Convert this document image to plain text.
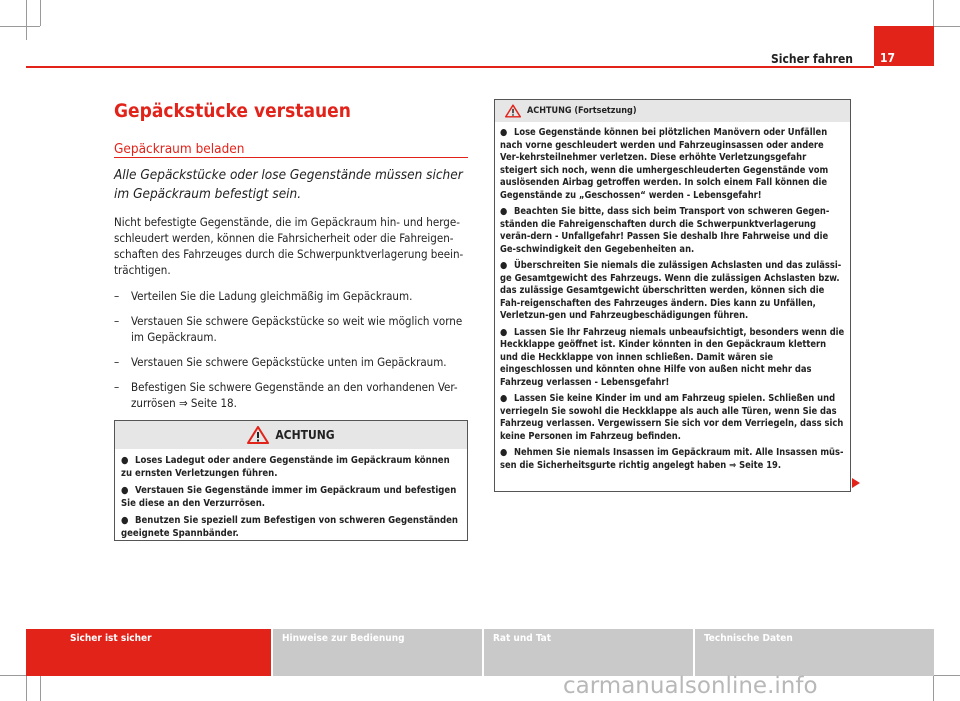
Sicher fahren	17
Gepäckstücke verstauen
Gepäckraum beladen
Alle Gepäckstücke oder lose Gegenstände müssen sicher im Gepäckraum befestigt sein.

Nicht befestigte Gegenstände, die im Gepäckraum hin- und herge-schleudert werden, können die Fahrsicherheit oder die Fahreigen-schaften des Fahrzeuges durch die Schwerpunktverlagerung beein-trächtigen.

– Verteilen Sie die Ladung gleichmäßig im Gepäckraum.
– Verstauen Sie schwere Gepäckstücke so weit wie möglich vorne im Gepäckraum.
– Verstauen Sie schwere Gepäckstücke unten im Gepäckraum.
– Befestigen Sie schwere Gegenstände an den vorhandenen Ver-zurrösen ⇒ Seite 18.
ACHTUNG

● Loses Ladegut oder andere Gegenstände im Gepäckraum können zu ernsten Verletzungen führen.

● Verstauen Sie Gegenstände immer im Gepäckraum und befestigen Sie diese an den Verzurrösen.

● Benutzen Sie speziell zum Befestigen von schweren Gegenständen geeignete Spannbänder.

ACHTUNG (Fortsetzung)

● Lose Gegenstände können bei plötzlichen Manövern oder Unfällen nach vorne geschleudert werden und Fahrzeuginsassen oder andere Ver-kehrsteilnehmer verletzen. Diese erhöhte Verletzungsgefahr steigert sich noch, wenn die umhergeschleuderten Gegenstände vom auslösenden Airbag getroffen werden. In solch einem Fall können die Gegenstände zu „Geschossen“ werden - Lebensgefahr!

● Beachten Sie bitte, dass sich beim Transport von schweren Gegen-ständen die Fahreigenschaften durch die Schwerpunktverlagerung verän-dern - Unfallgefahr! Passen Sie deshalb Ihre Fahrweise und die Ge-schwindigkeit den Gegebenheiten an.

● Überschreiten Sie niemals die zulässigen Achslasten und das zulässi-ge Gesamtgewicht des Fahrzeugs. Wenn die zulässigen Achslasten bzw. das zulässige Gesamtgewicht überschritten werden, können sich die Fah-reigenschaften des Fahrzeuges ändern. Dies kann zu Unfällen, Verletzun-gen und Fahrzeugbeschädigungen führen.

● Lassen Sie Ihr Fahrzeug niemals unbeaufsichtigt, besonders wenn die Heckklappe geöffnet ist. Kinder könnten in den Gepäckraum klettern und die Heckklappe von innen schließen. Damit wären sie eingeschlossen und könnten ohne Hilfe von außen nicht mehr das Fahrzeug verlassen - Lebensgefahr!

● Lassen Sie keine Kinder im und am Fahrzeug spielen. Schließen und verriegeln Sie sowohl die Heckklappe als auch alle Türen, wenn Sie das Fahrzeug verlassen. Vergewissern Sie sich vor dem Verriegeln, dass sich keine Personen im Fahrzeug befinden.

● Nehmen Sie niemals Insassen im Gepäckraum mit. Alle Insassen müs-sen die Sicherheitsgurte richtig angelegt haben ⇒ Seite 19.

Sicher ist sicher	Hinweise zur Bedienung	Rat und Tat	Technische Daten
carmanualsonline.info
